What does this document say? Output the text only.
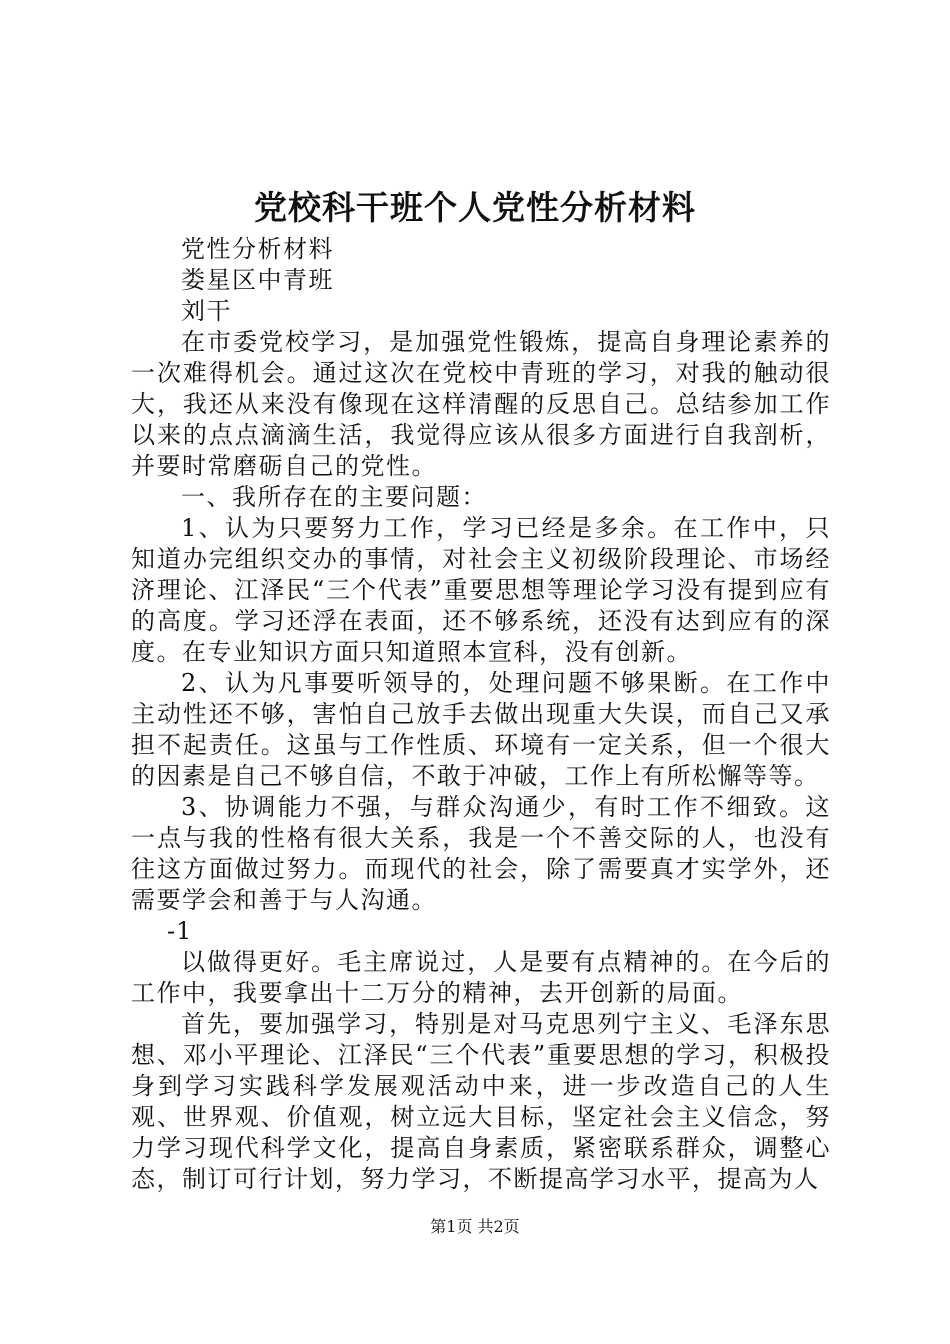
党校科干班个人党性分析材料

党性分析材料

娄星区中青班

刘干

在市委党校学习，是加强党性锻炼，提高自身理论素养的一次难得机会。通过这次在党校中青班的学习，对我的触动很大，我还从来没有像现在这样清醒的反思自己。总结参加工作以来的点点滴滴生活，我觉得应该从很多方面进行自我剖析，并要时常磨砺自己的党性。

一、我所存在的主要问题：

1、认为只要努力工作，学习已经是多余。在工作中，只知道办完组织交办的事情，对社会主义初级阶段理论、市场经济理论、江泽民“三个代表”重要思想等理论学习没有提到应有的高度。学习还浮在表面，还不够系统，还没有达到应有的深度。在专业知识方面只知道照本宣科，没有创新。

2、认为凡事要听领导的，处理问题不够果断。在工作中主动性还不够，害怕自己放手去做出现重大失误，而自己又承担不起责任。这虽与工作性质、环境有一定关系，但一个很大的因素是自己不够自信，不敢于冲破，工作上有所松懈等等。

3、协调能力不强，与群众沟通少，有时工作不细致。这一点与我的性格有很大关系，我是一个不善交际的人，也没有往这方面做过努力。而现代的社会，除了需要真才实学外，还需要学会和善于与人沟通。

-1

以做得更好。毛主席说过，人是要有点精神的。在今后的工作中，我要拿出十二万分的精神，去开创新的局面。

首先，要加强学习，特别是对马克思列宁主义、毛泽东思想、邓小平理论、江泽民“三个代表”重要思想的学习，积极投身到学习实践科学发展观活动中来，进一步改造自己的人生观、世界观、价值观，树立远大目标，坚定社会主义信念，努力学习现代科学文化，提高自身素质，紧密联系群众，调整心态，制订可行计划，努力学习，不断提高学习水平，提高为人

第1页 共2页
